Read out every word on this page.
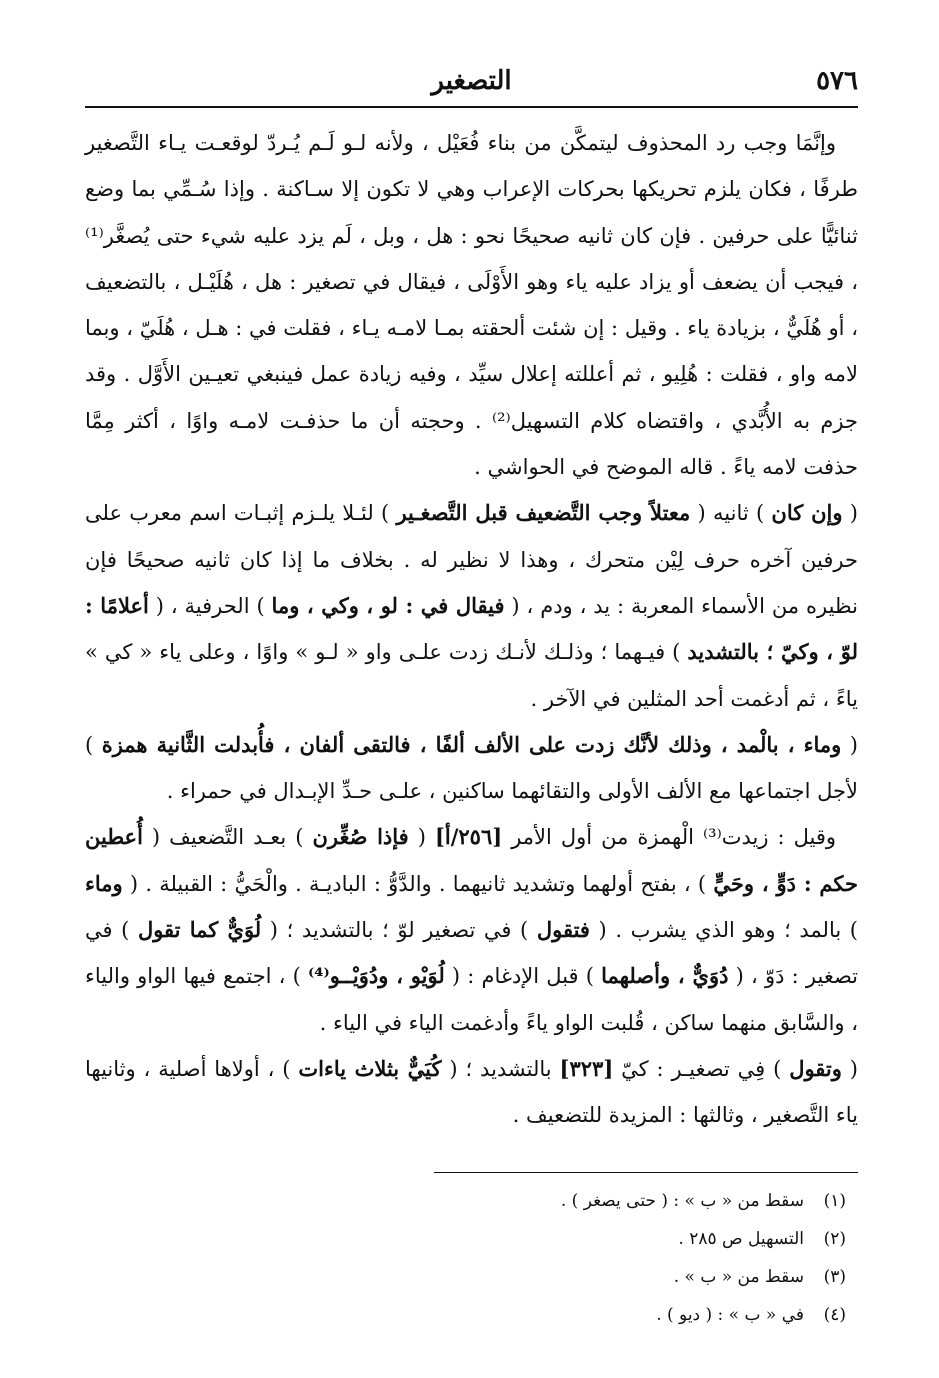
٥٧٦
التصغير

وإنَّمَا وجب رد المحذوف ليتمكَّن من بناء فُعَيْل ، ولأنه لـو لَـم يُـردّ لوقعـت يـاء التَّصغير طرفًا ، فكان يلزم تحريكها بحركات الإعراب وهي لا تكون إلا سـاكنة . وإذا سُـمِّي بما وضع ثنائيًّا على حرفين . فإن كان ثانيه صحيحًا نحو : هل ، وبل ، لَم يزد عليه شيء حتى يُصغَّر⁽¹⁾ ، فيجب أن يضعف أو يزاد عليه ياء وهو الأَوْلَى ، فيقال في تصغير : هل ، هُلَيْـل ، بالتضعيف ، أو هُلَيٌّ ، بزيادة ياء . وقيل : إن شئت ألحقته بمـا لامـه يـاء ، فقلت في : هـل ، هُلَيّ ، وبما لامه واو ، فقلت : هُلِيو ، ثم أعللته إعلال سيِّد ، وفيه زيادة عمل فينبغي تعيـين الأَوَّل . وقد جزم به الأُبَّدي ، واقتضاه كلام التسهيل⁽²⁾ . وحجته أن ما حذفـت لامـه واوًا ، أكثر مِمَّا حذفت لامه ياءً . قاله الموضح في الحواشي .

( وإن كان ) ثانيه ( معتلاً وجب التَّضعيف قبل التَّصغـير ) لئـلا يلـزم إثبـات اسم معرب على حرفين آخره حرف لِيْن متحرك ، وهذا لا نظير له . بخلاف ما إذا كان ثانيه صحيحًا فإن نظيره من الأسماء المعربة : يد ، ودم ، ( فيقال في : لو ، وكي ، وما ) الحرفية ، ( أعلامًا : لوّ ، وكيّ ؛ بالتشديد ) فيـهما ؛ وذلـك لأنـك زدت علـى واو « لـو » واوًا ، وعلى ياء « كي » ياءً ، ثم أدغمت أحد المثلين في الآخر .

( وماء ، بالْمد ، وذلك لأنَّك زدت على الألف ألفًا ، فالتقى ألفان ، فأُبدلت الثَّانية همزة ) لأجل اجتماعها مع الألف الأولى والتقائهما ساكنين ، علـى حـدِّ الإبـدال في حمراء .

وقيل : زيدت⁽³⁾ الْهمزة من أول الأمر [٢٥٦/أ] ( فإذا صُغِّرن ) بعـد التَّضعيف ( أُعطين حكم : دَوٍّ ، وحَيٍّ ) ، بفتح أولهما وتشديد ثانيهما . والدَّوُّ : الباديـة . والْحَيُّ : القبيلة . ( وماء ) بالمد ؛ وهو الذي يشرب . ( فتقول ) في تصغير لوّ ؛ بالتشديد ؛ ( لُوَيٌّ كما تقول ) في تصغير : دَوّ ، ( دُوَيٌّ ، وأصلهما ) قبل الإدغام : ( لُوَيْو ، ودُوَيْــو⁽⁴⁾ ) ، اجتمع فيها الواو والياء ، والسَّابق منهما ساكن ، قُلبت الواو ياءً وأدغمت الياء في الياء .

( وتقول ) فِي تصغيـر : كيّ [٣٢٣] بالتشديد ؛ ( كُيَيٌّ بثلاث ياءات ) ، أولاها أصلية ، وثانيها ياء التَّصغير ، وثالثها : المزيدة للتضعيف .

(١)
سقط من « ب » : ( حتى يصغر ) .
(٢)
التسهيل ص ٢٨٥ .
(٣)
سقط من « ب » .
(٤)
في « ب » : ( ديو ) .
